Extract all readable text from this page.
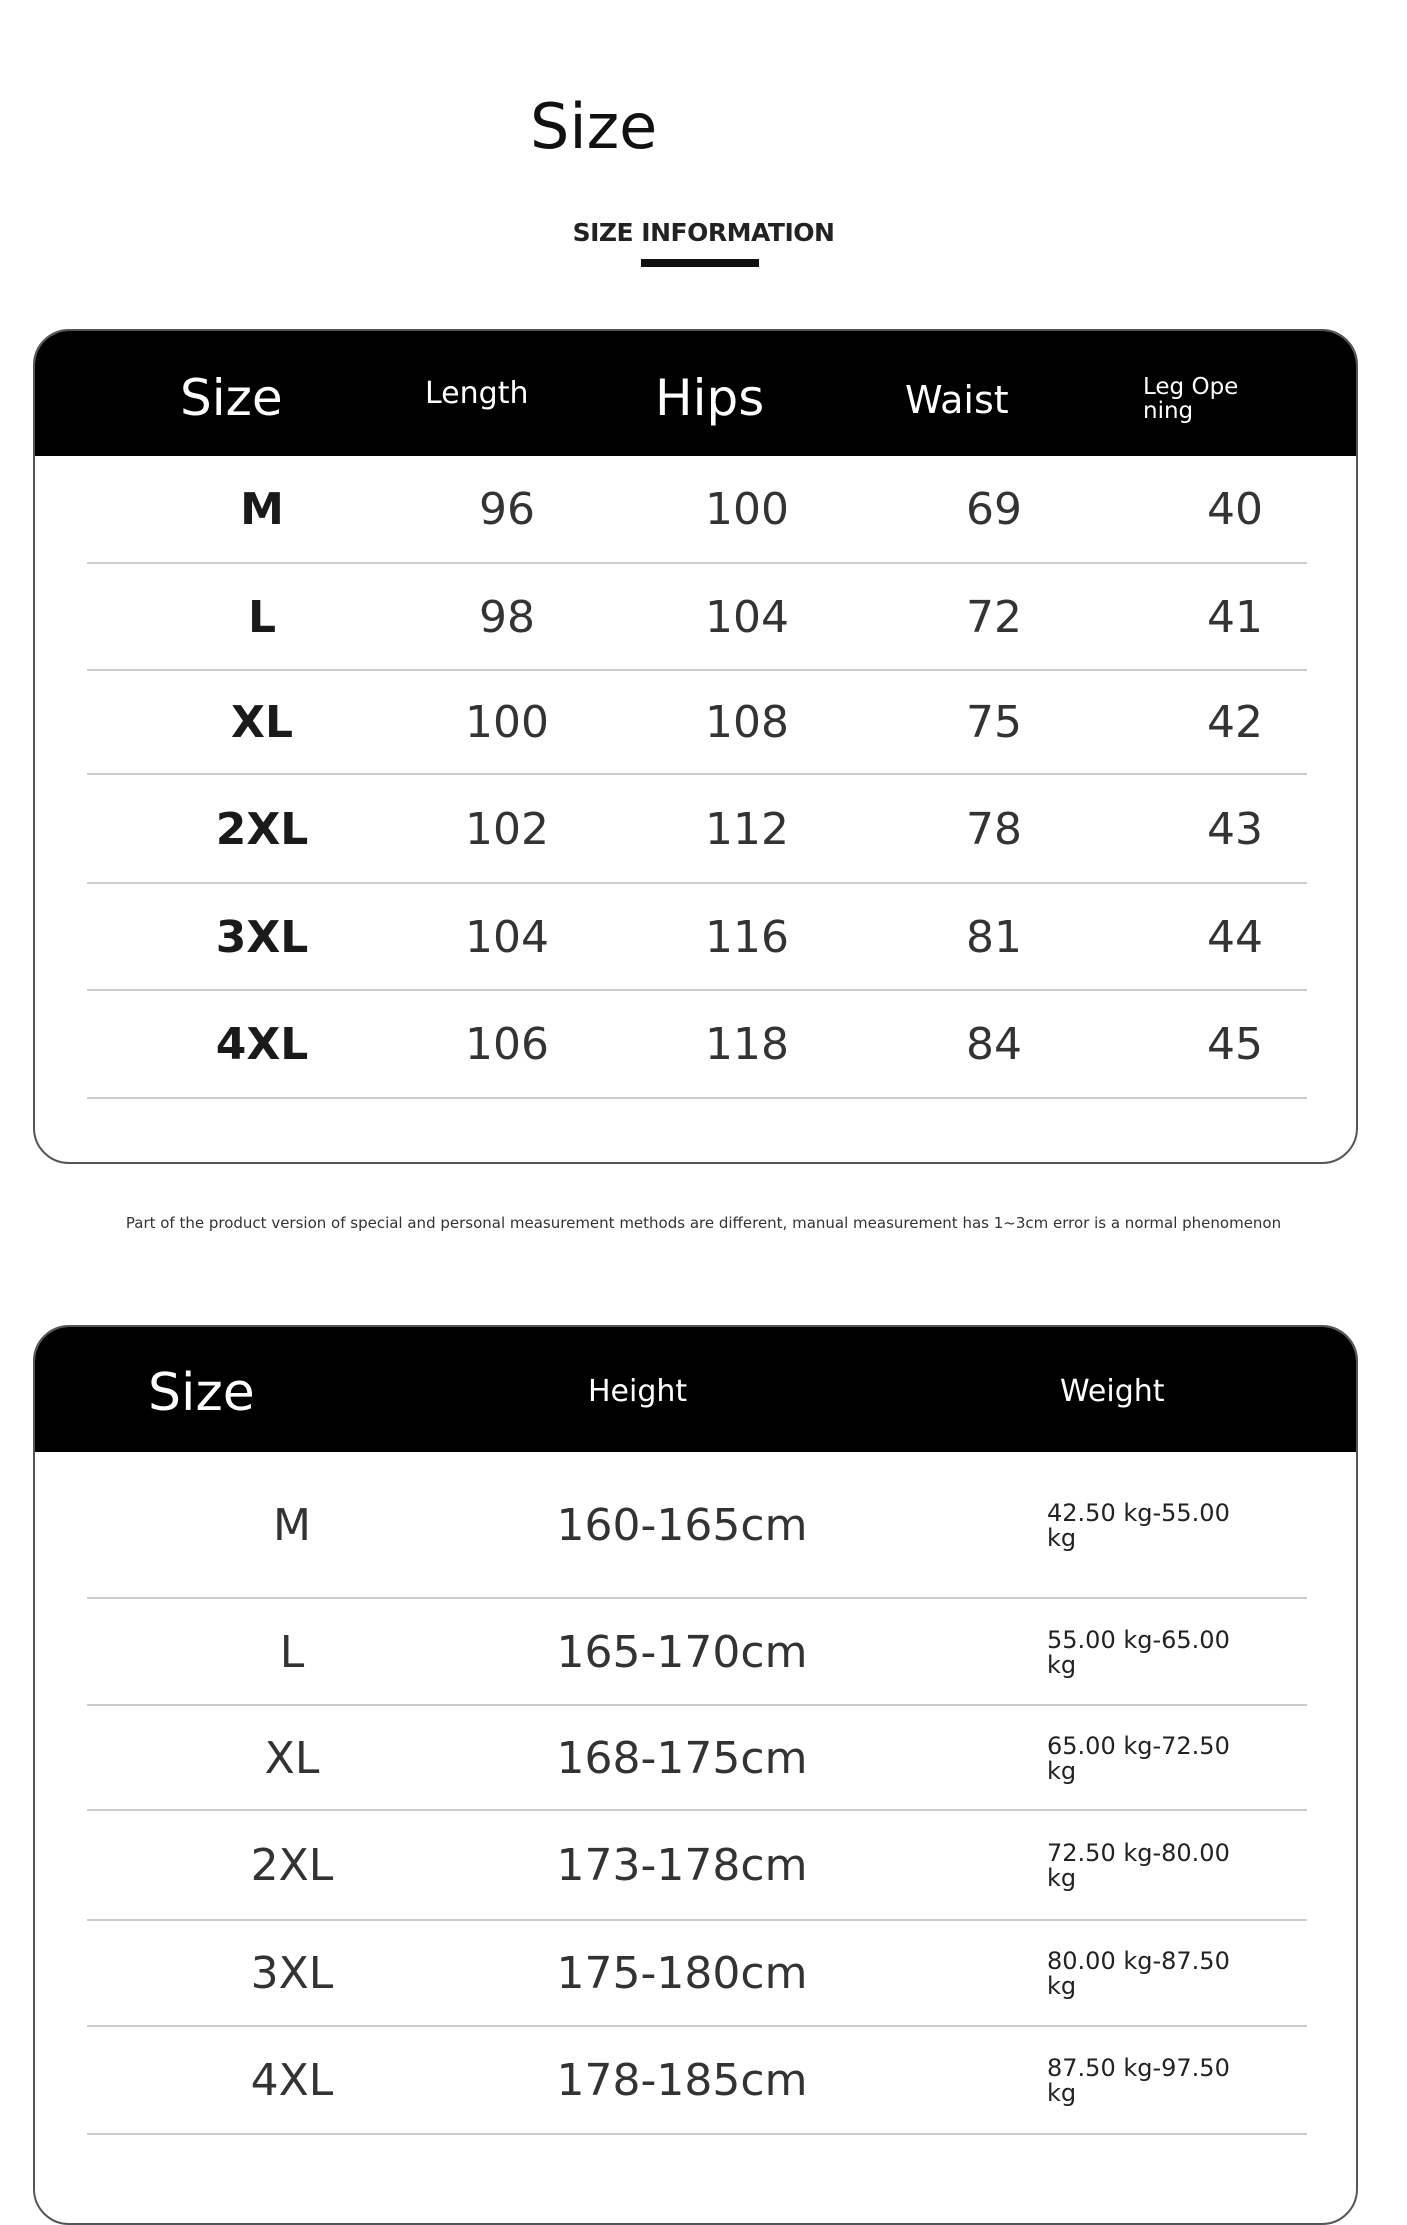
Size
SIZE INFORMATION
Size	Length	Hips	Waist	Leg Ope ning
M	96	100	69	40
L	98	104	72	41
XL	100	108	75	42
2XL	102	112	78	43
3XL	104	116	81	44
4XL	106	118	84	45
Part of the product version of special and personal measurement methods are different, manual measurement has 1~3cm error is a normal phenomenon
Size	Height	Weight
M	160-165cm	42.50 kg-55.00 kg
L	165-170cm	55.00 kg-65.00 kg
XL	168-175cm	65.00 kg-72.50 kg
2XL	173-178cm	72.50 kg-80.00 kg
3XL	175-180cm	80.00 kg-87.50 kg
4XL	178-185cm	87.50 kg-97.50 kg
